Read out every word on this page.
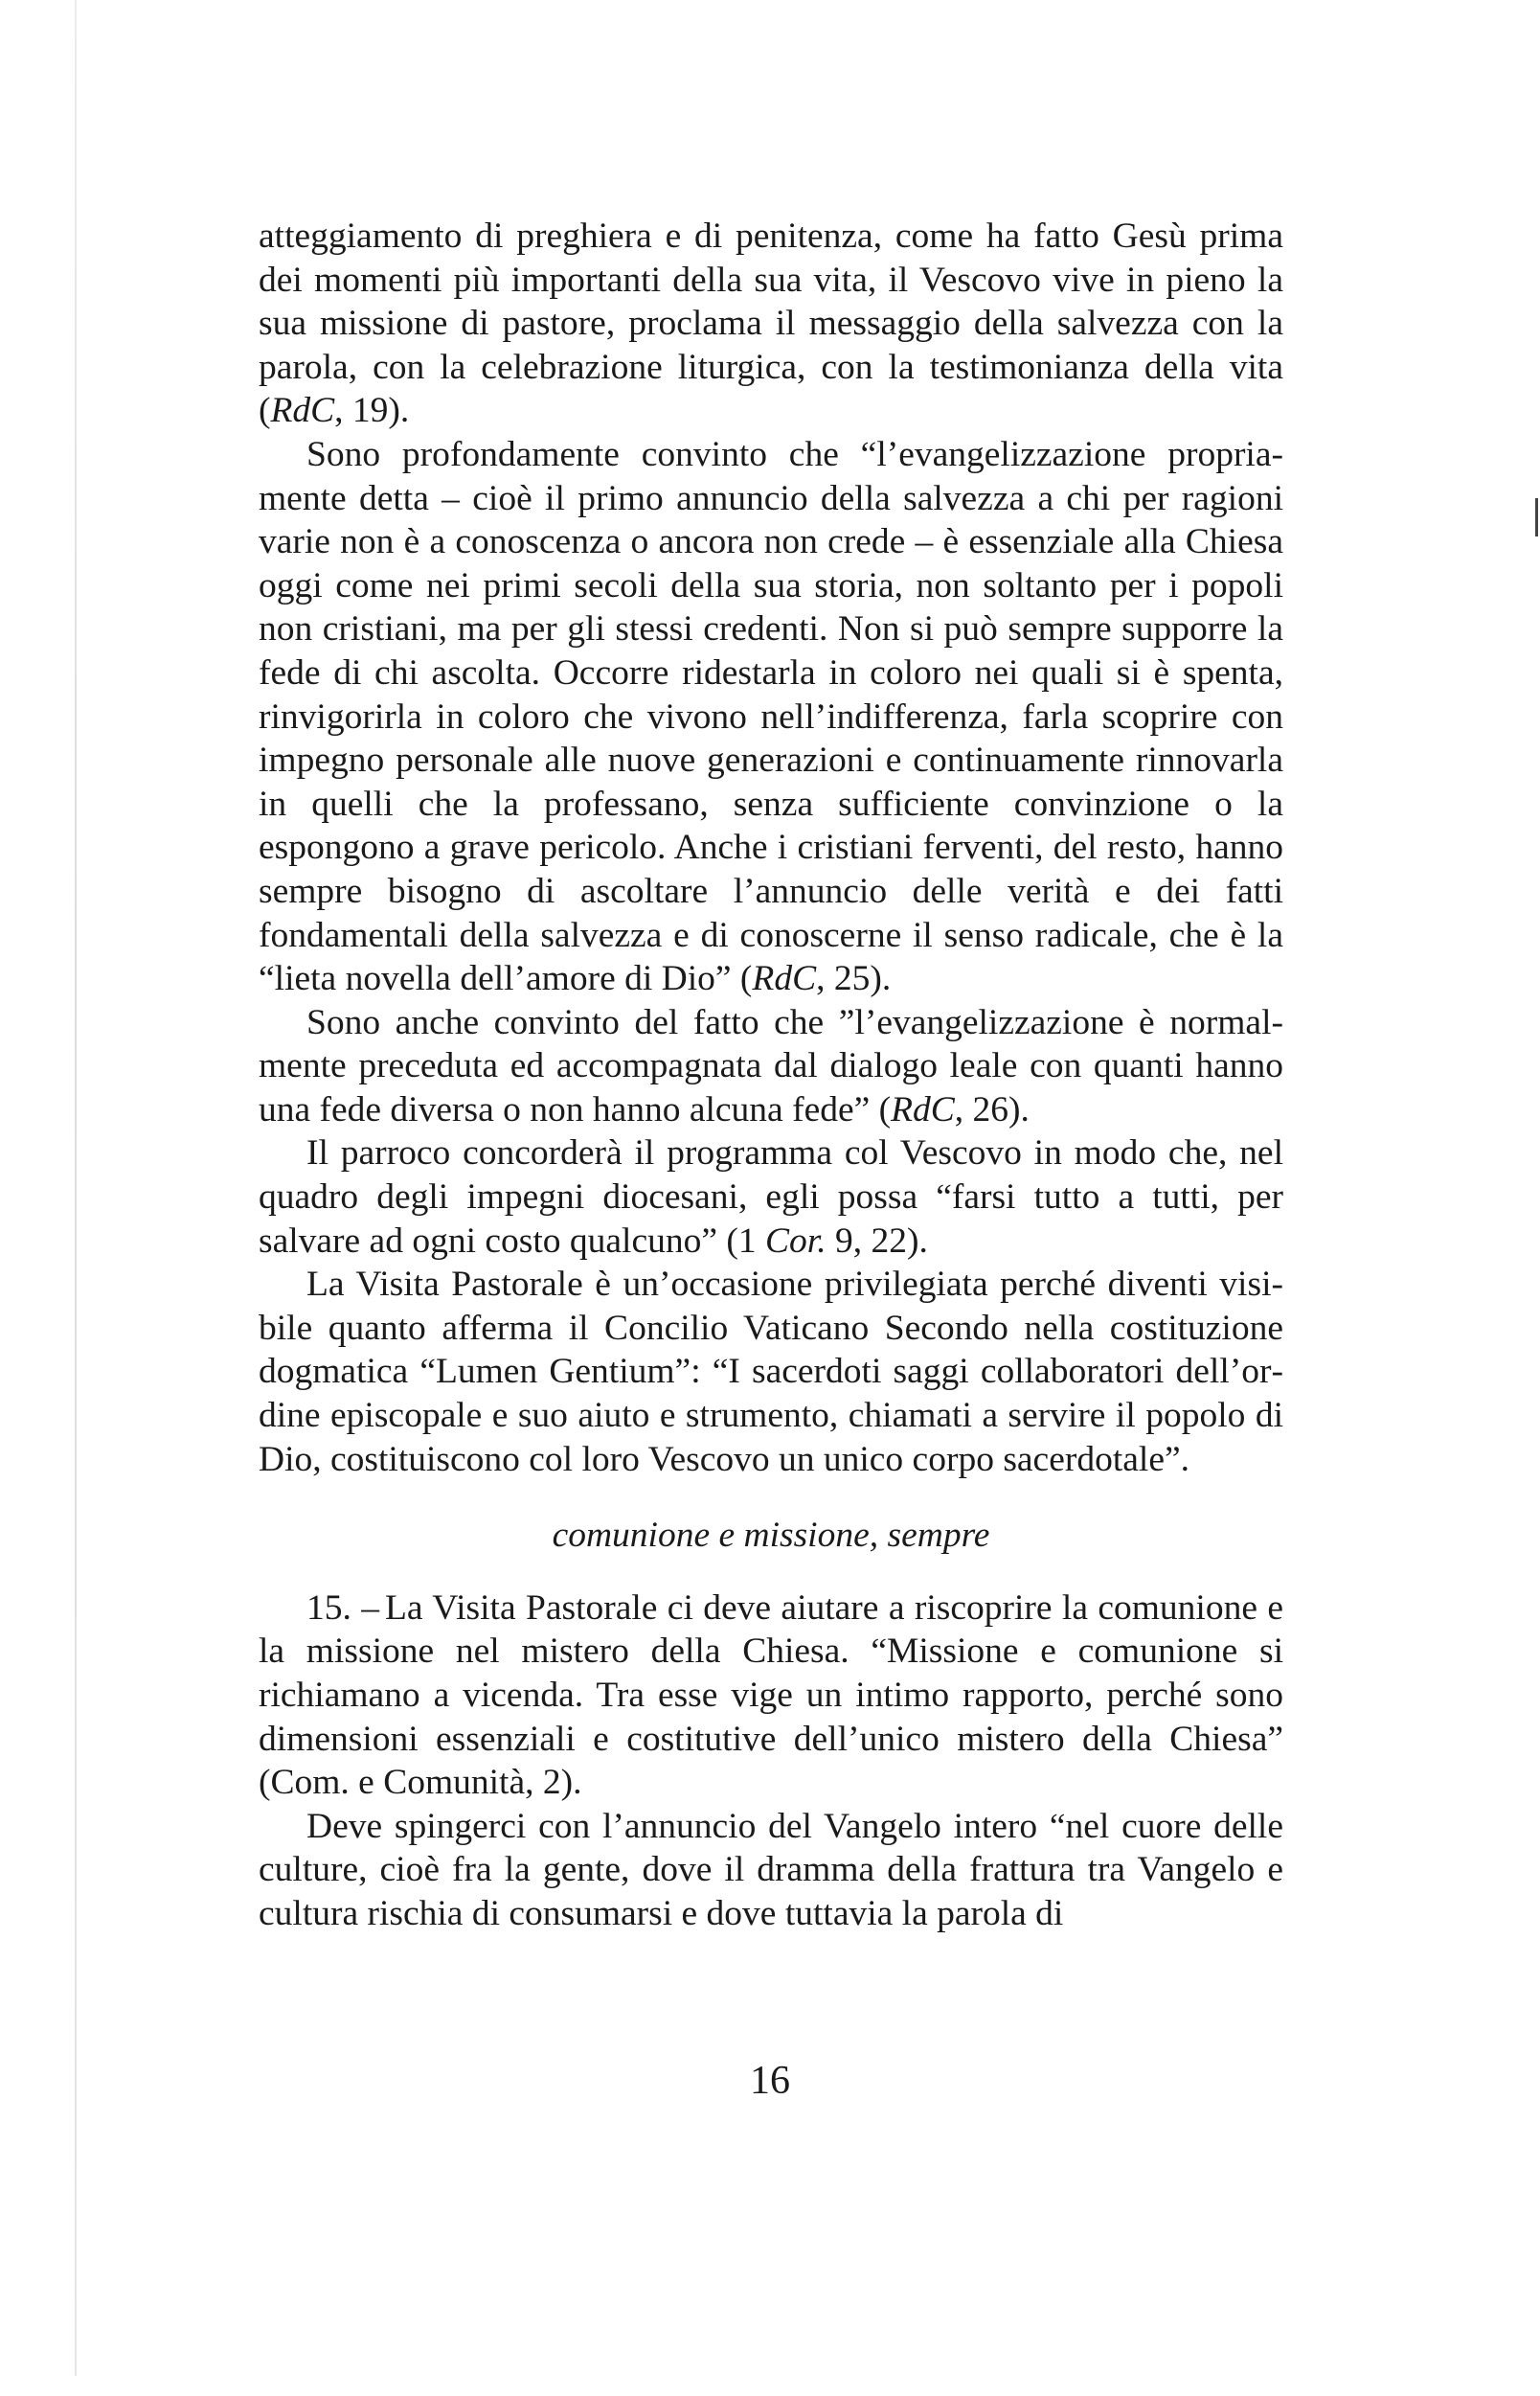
atteggiamento di preghiera e di penitenza, come ha fatto Gesù prima dei momenti più importanti della sua vita, il Vescovo vive in pieno la sua missione di pastore, proclama il messaggio della salvezza con la parola, con la celebrazione liturgica, con la testimonianza della vita (RdC, 19).

Sono profondamente convinto che “l’evangelizzazione propriamente detta – cioè il primo annuncio della salvezza a chi per ragioni varie non è a conoscenza o ancora non crede – è essenziale alla Chiesa oggi come nei primi secoli della sua storia, non soltanto per i popoli non cristiani, ma per gli stessi credenti. Non si può sempre supporre la fede di chi ascolta. Occorre ridestarla in coloro nei quali si è spenta, rinvigorirla in coloro che vivono nell’indifferenza, farla scoprire con impegno personale alle nuove generazioni e continuamente rinnovarla in quelli che la professano, senza sufficiente convinzione o la espongono a grave pericolo. Anche i cristiani ferventi, del resto, hanno sempre bisogno di ascoltare l’annuncio delle verità e dei fatti fondamentali della salvezza e di conoscerne il senso radicale, che è la “lieta novella dell’amore di Dio” (RdC, 25).

Sono anche convinto del fatto che ”l’evangelizzazione è normalmente preceduta ed accompagnata dal dialogo leale con quanti hanno una fede diversa o non hanno alcuna fede” (RdC, 26).

Il parroco concorderà il programma col Vescovo in modo che, nel quadro degli impegni diocesani, egli possa “farsi tutto a tutti, per salvare ad ogni costo qualcuno” (1 Cor. 9, 22).

La Visita Pastorale è un’occasione privilegiata perché diventi visibile quanto afferma il Concilio Vaticano Secondo nella costituzione dogmatica “Lumen Gentium”: “I sacerdoti saggi collaboratori dell’ordine episcopale e suo aiuto e strumento, chiamati a servire il popolo di Dio, costituiscono col loro Vescovo un unico corpo sacerdotale”.

comunione e missione, sempre

15. – La Visita Pastorale ci deve aiutare a riscoprire la comunione e la missione nel mistero della Chiesa. “Missione e comunione si richiamano a vicenda. Tra esse vige un intimo rapporto, perché sono dimensioni essenziali e costitutive dell’unico mistero della Chiesa” (Com. e Comunità, 2).

Deve spingerci con l’annuncio del Vangelo intero “nel cuore delle culture, cioè fra la gente, dove il dramma della frattura tra Vangelo e cultura rischia di consumarsi e dove tuttavia la parola di

16
